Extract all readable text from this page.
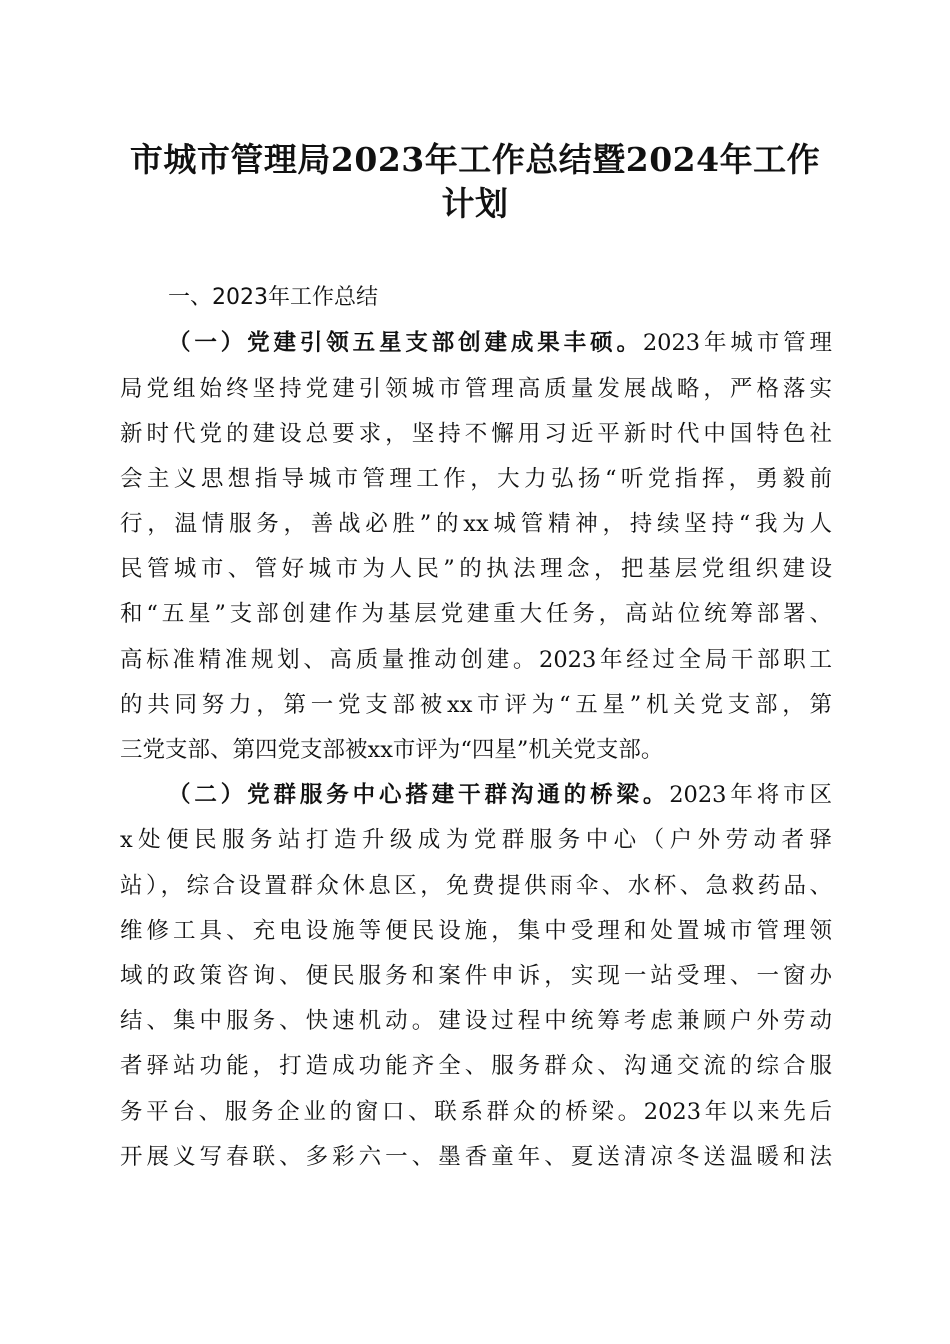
市城市管理局2023年工作总结暨2024年工作
计划
一、2023年工作总结
（一）党建引领五星支部创建成果丰硕。2023年城市管理
局党组始终坚持党建引领城市管理高质量发展战略，严格落实
新时代党的建设总要求，坚持不懈用习近平新时代中国特色社
会主义思想指导城市管理工作，大力弘扬“听党指挥，勇毅前
行，温情服务，善战必胜”的xx城管精神，持续坚持“我为人
民管城市、管好城市为人民”的执法理念，把基层党组织建设
和“五星”支部创建作为基层党建重大任务，高站位统筹部署、
高标准精准规划、高质量推动创建。2023年经过全局干部职工
的共同努力，第一党支部被xx市评为“五星”机关党支部，第
三党支部、第四党支部被xx市评为“四星”机关党支部。
（二）党群服务中心搭建干群沟通的桥梁。2023年将市区
x处便民服务站打造升级成为党群服务中心（户外劳动者驿
站），综合设置群众休息区，免费提供雨伞、水杯、急救药品、
维修工具、充电设施等便民设施，集中受理和处置城市管理领
域的政策咨询、便民服务和案件申诉，实现一站受理、一窗办
结、集中服务、快速机动。建设过程中统筹考虑兼顾户外劳动
者驿站功能，打造成功能齐全、服务群众、沟通交流的综合服
务平台、服务企业的窗口、联系群众的桥梁。2023年以来先后
开展义写春联、多彩六一、墨香童年、夏送清凉冬送温暖和法
